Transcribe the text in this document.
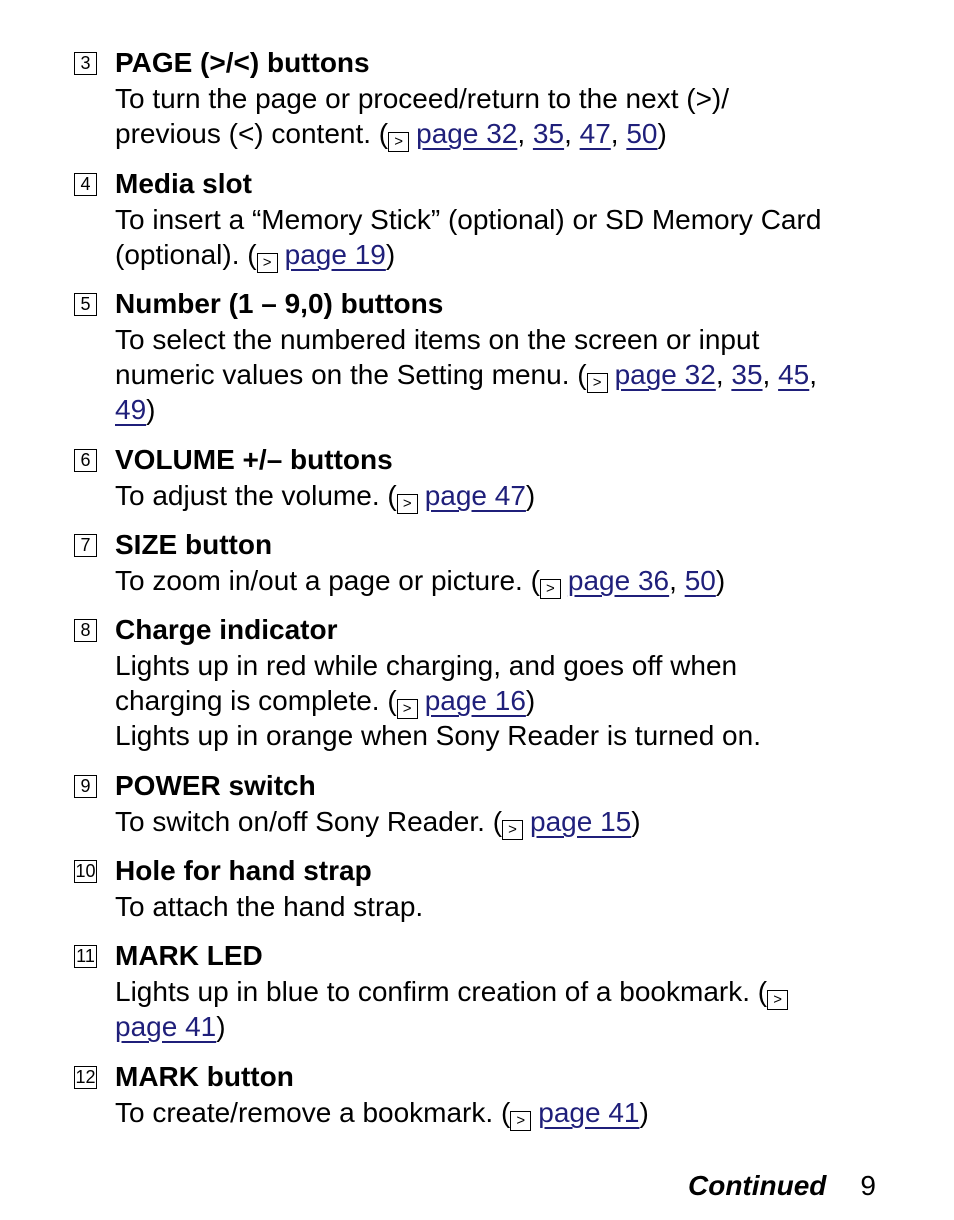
3 PAGE (>/<) buttons
To turn the page or proceed/return to the next (>)/
previous (<) content. ( > page 32, 35, 47, 50)
4 Media slot
To insert a “Memory Stick” (optional) or SD Memory Card
(optional). ( > page 19)
5 Number (1 – 9,0) buttons
To select the numbered items on the screen or input
numeric values on the Setting menu. ( > page 32, 35, 45,
49)
6 VOLUME +/– buttons
To adjust the volume. ( > page 47)
7 SIZE button
To zoom in/out a page or picture. ( > page 36, 50)
8 Charge indicator
Lights up in red while charging, and goes off when
charging is complete. ( > page 16)
Lights up in orange when Sony Reader is turned on.
9 POWER switch
To switch on/off Sony Reader. ( > page 15)
10 Hole for hand strap
To attach the hand strap.
11 MARK LED
Lights up in blue to confirm creation of a bookmark. ( >
page 41)
12 MARK button
To create/remove a bookmark. ( > page 41)
Continued 9
